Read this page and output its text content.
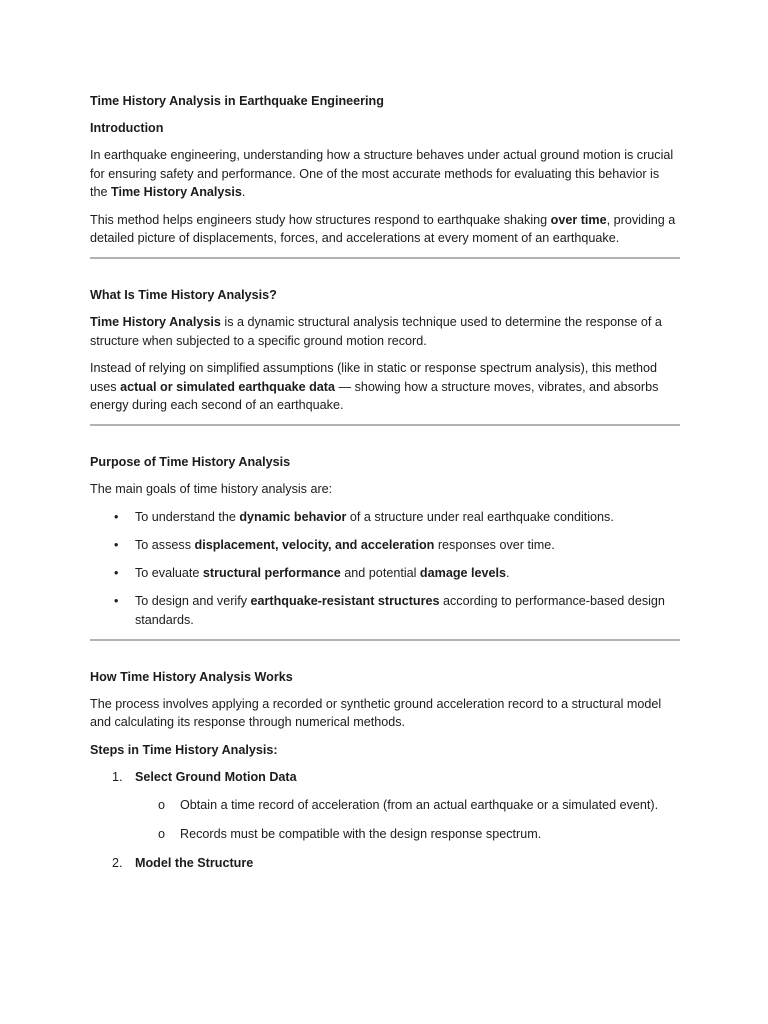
Time History Analysis in Earthquake Engineering
Introduction

In earthquake engineering, understanding how a structure behaves under actual ground motion is crucial for ensuring safety and performance. One of the most accurate methods for evaluating this behavior is the Time History Analysis.

This method helps engineers study how structures respond to earthquake shaking over time, providing a detailed picture of displacements, forces, and accelerations at every moment of an earthquake.

What Is Time History Analysis?

Time History Analysis is a dynamic structural analysis technique used to determine the response of a structure when subjected to a specific ground motion record.

Instead of relying on simplified assumptions (like in static or response spectrum analysis), this method uses actual or simulated earthquake data — showing how a structure moves, vibrates, and absorbs energy during each second of an earthquake.

Purpose of Time History Analysis

The main goals of time history analysis are:

• To understand the dynamic behavior of a structure under real earthquake conditions.
• To assess displacement, velocity, and acceleration responses over time.
• To evaluate structural performance and potential damage levels.
• To design and verify earthquake-resistant structures according to performance-based design standards.
How Time History Analysis Works

The process involves applying a recorded or synthetic ground acceleration record to a structural model and calculating its response through numerical methods.

Steps in Time History Analysis:
1. Select Ground Motion Data
o Obtain a time record of acceleration (from an actual earthquake or a simulated event).
o Records must be compatible with the design response spectrum.
2. Model the Structure
